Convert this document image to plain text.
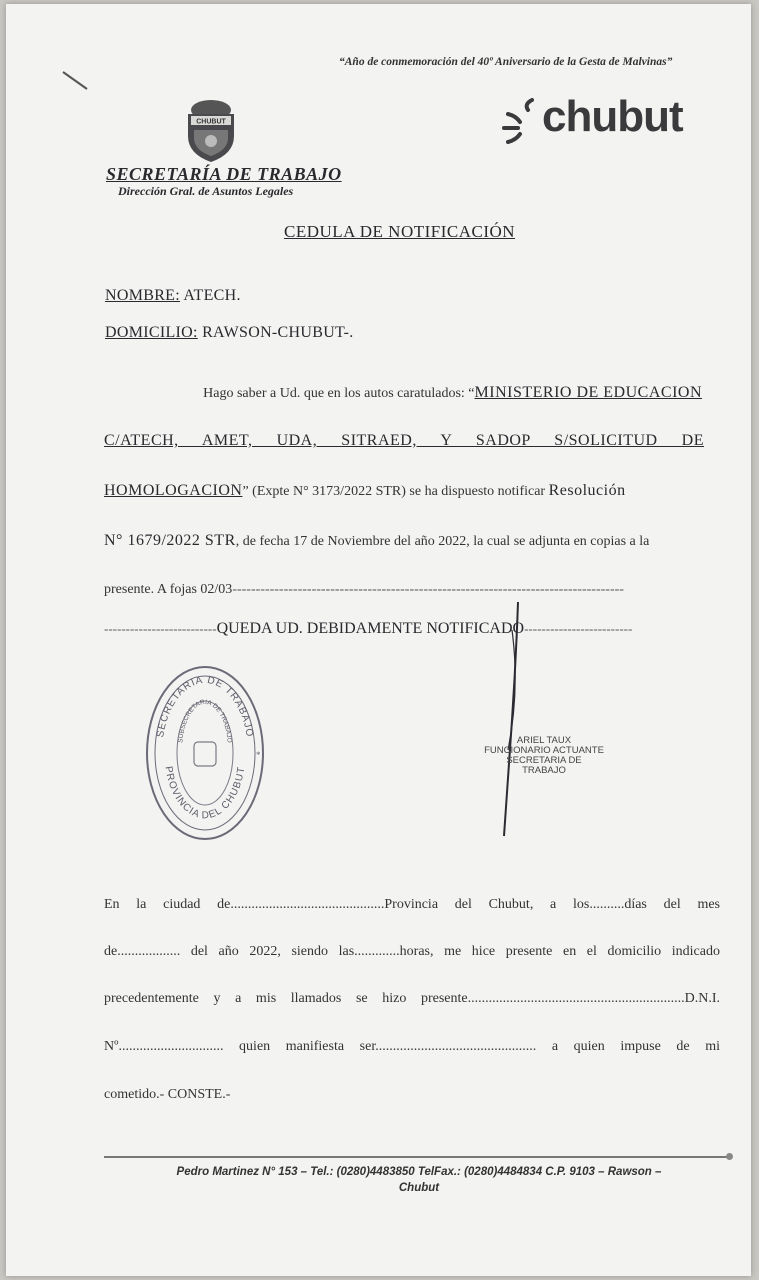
“Año de conmemoración del 40º Aniversario de la Gesta de Malvinas”
chubut
CHUBUT
SECRETARÍA DE TRABAJO
Dirección Gral. de Asuntos Legales
CEDULA DE NOTIFICACIÓN
NOMBRE: ATECH.
DOMICILIO: RAWSON-CHUBUT-.
Hago saber a Ud. que en los autos caratulados: “MINISTERIO DE EDUCACION
C/ATECH, AMET, UDA, SITRAED, Y SADOP S/SOLICITUD DE
HOMOLOGACION” (Expte N° 3173/2022 STR) se ha dispuesto notificar Resolución
N° 1679/2022 STR, de fecha 17 de Noviembre del año 2022, la cual se adjunta en copias a la
presente. A fojas 02/03------------------------------------------------------------------------------------
--------------------------QUEDA UD. DEBIDAMENTE NOTIFICADO-------------------------
SECRETARIA DE TRABAJO
SUBSECRETARIA DE TRABAJO
PROVINCIA DEL CHUBUT
*
ARIEL TAUX
FUNCIONARIO ACTUANTE
SECRETARIA DE TRABAJO
En la ciudad de............................................Provincia del Chubut, a los..........días del mes
de.................. del año 2022, siendo las.............horas, me hice presente en el domicilio indicado
precedentemente y a mis llamados se hizo presente..............................................................D.N.I.
Nº.............................. quien manifiesta ser.............................................. a quien impuse de mi
cometido.- CONSTE.-
Pedro Martinez N° 153 – Tel.: (0280)4483850 TelFax.: (0280)4484834 C.P. 9103 – Rawson –
Chubut
